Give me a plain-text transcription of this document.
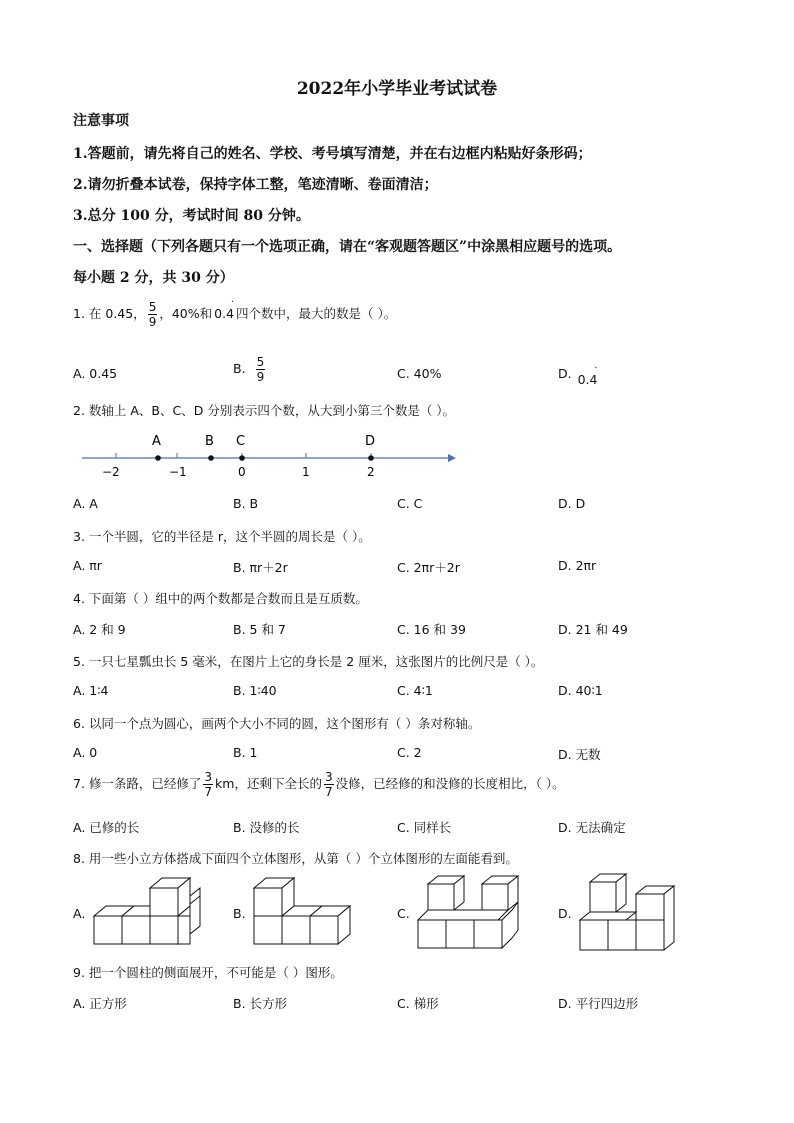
2022年小学毕业考试试卷
注意事项
1.答题前，请先将自己的姓名、学校、考号填写清楚，并在右边框内粘贴好条形码；
2.请勿折叠本试卷，保持字体工整，笔迹清晰、卷面清洁；
3.总分 100 分，考试时间 80 分钟。
一、选择题（下列各题只有一个选项正确，请在“客观题答题区”中涂黑相应题号的选项。
每小题 2 分，共 30 分）
1. 在 0.45， $\frac{5}{9}$ ，40%和 0.4
·
四个数中，最大的数是（ ）。
A. 0.45	B. $\frac{5}{9}$	C. 40%	D. 0.4
·
2. 数轴上 A、B、C、D 分别表示四个数，从大到小第三个数是（ ）。
A	B C	D
−2	−1	0	1	2
A. A	B. B	C. C	D. D
3. 一个半圆，它的半径是 r，这个半圆的周长是（ ）。
A. πr	B. πr＋2r	C. 2πr＋2r	D. 2πr
4. 下面第（ ）组中的两个数都是合数而且是互质数。
A. 2 和 9	B. 5 和 7	C. 16 和 39	D. 21 和 49
5. 一只七星瓢虫长 5 毫米，在图片上它的身长是 2 厘米，这张图片的比例尺是（ ）。
A. 1∶4	B. 1∶40	C. 4∶1	D. 40∶1
6. 以同一个点为圆心，画两个大小不同的圆，这个图形有（ ）条对称轴。
A. 0	B. 1	C. 2	D. 无数
7. 修一条路，已经修了 $\frac{3}{7}$ km，还剩下全长的 $\frac{3}{7}$ 没修，已经修的和没修的长度相比，（ ）。
A. 已修的长	B. 没修的长	C. 同样长	D. 无法确定
8. 用一些小立方体搭成下面四个立体图形，从第（ ）个立体图形的左面能看到。
A.	B.	C.	D.
9. 把一个圆柱的侧面展开，不可能是（ ）图形。
A. 正方形	B. 长方形	C. 梯形	D. 平行四边形
